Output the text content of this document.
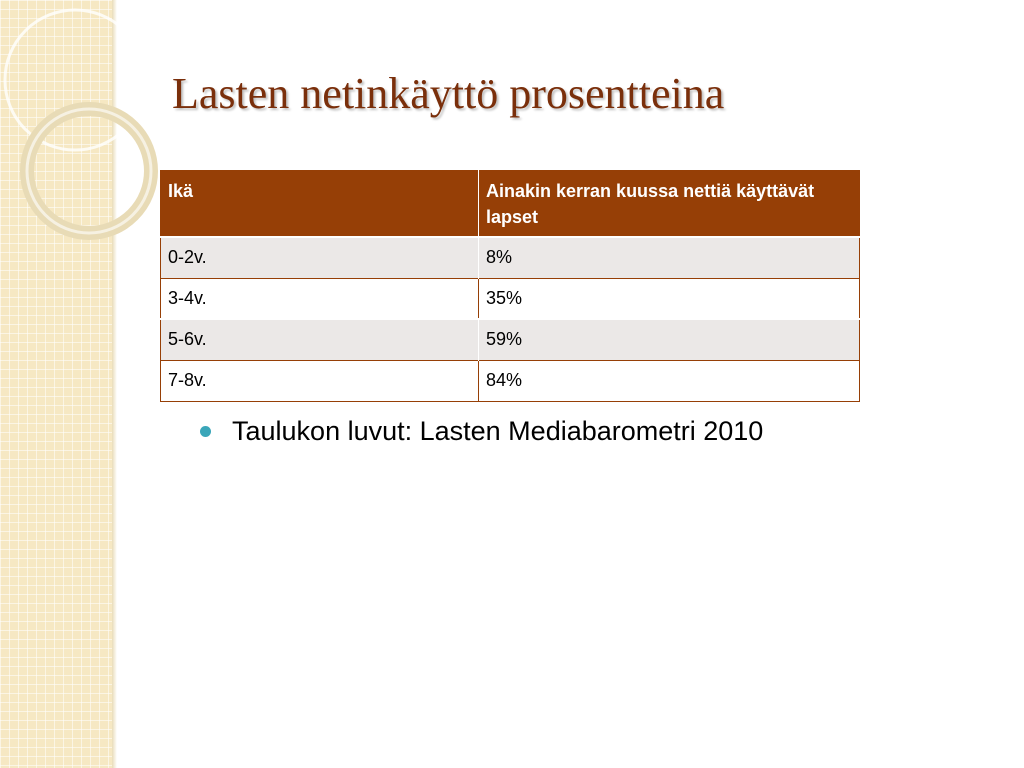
Lasten netinkäyttö prosentteina
Ikä	Ainakin kerran kuussa nettiä käyttävät lapset
0-2v.	8%
3-4v.	35%
5-6v.	59%
7-8v.	84%
Taulukon luvut: Lasten Mediabarometri 2010
